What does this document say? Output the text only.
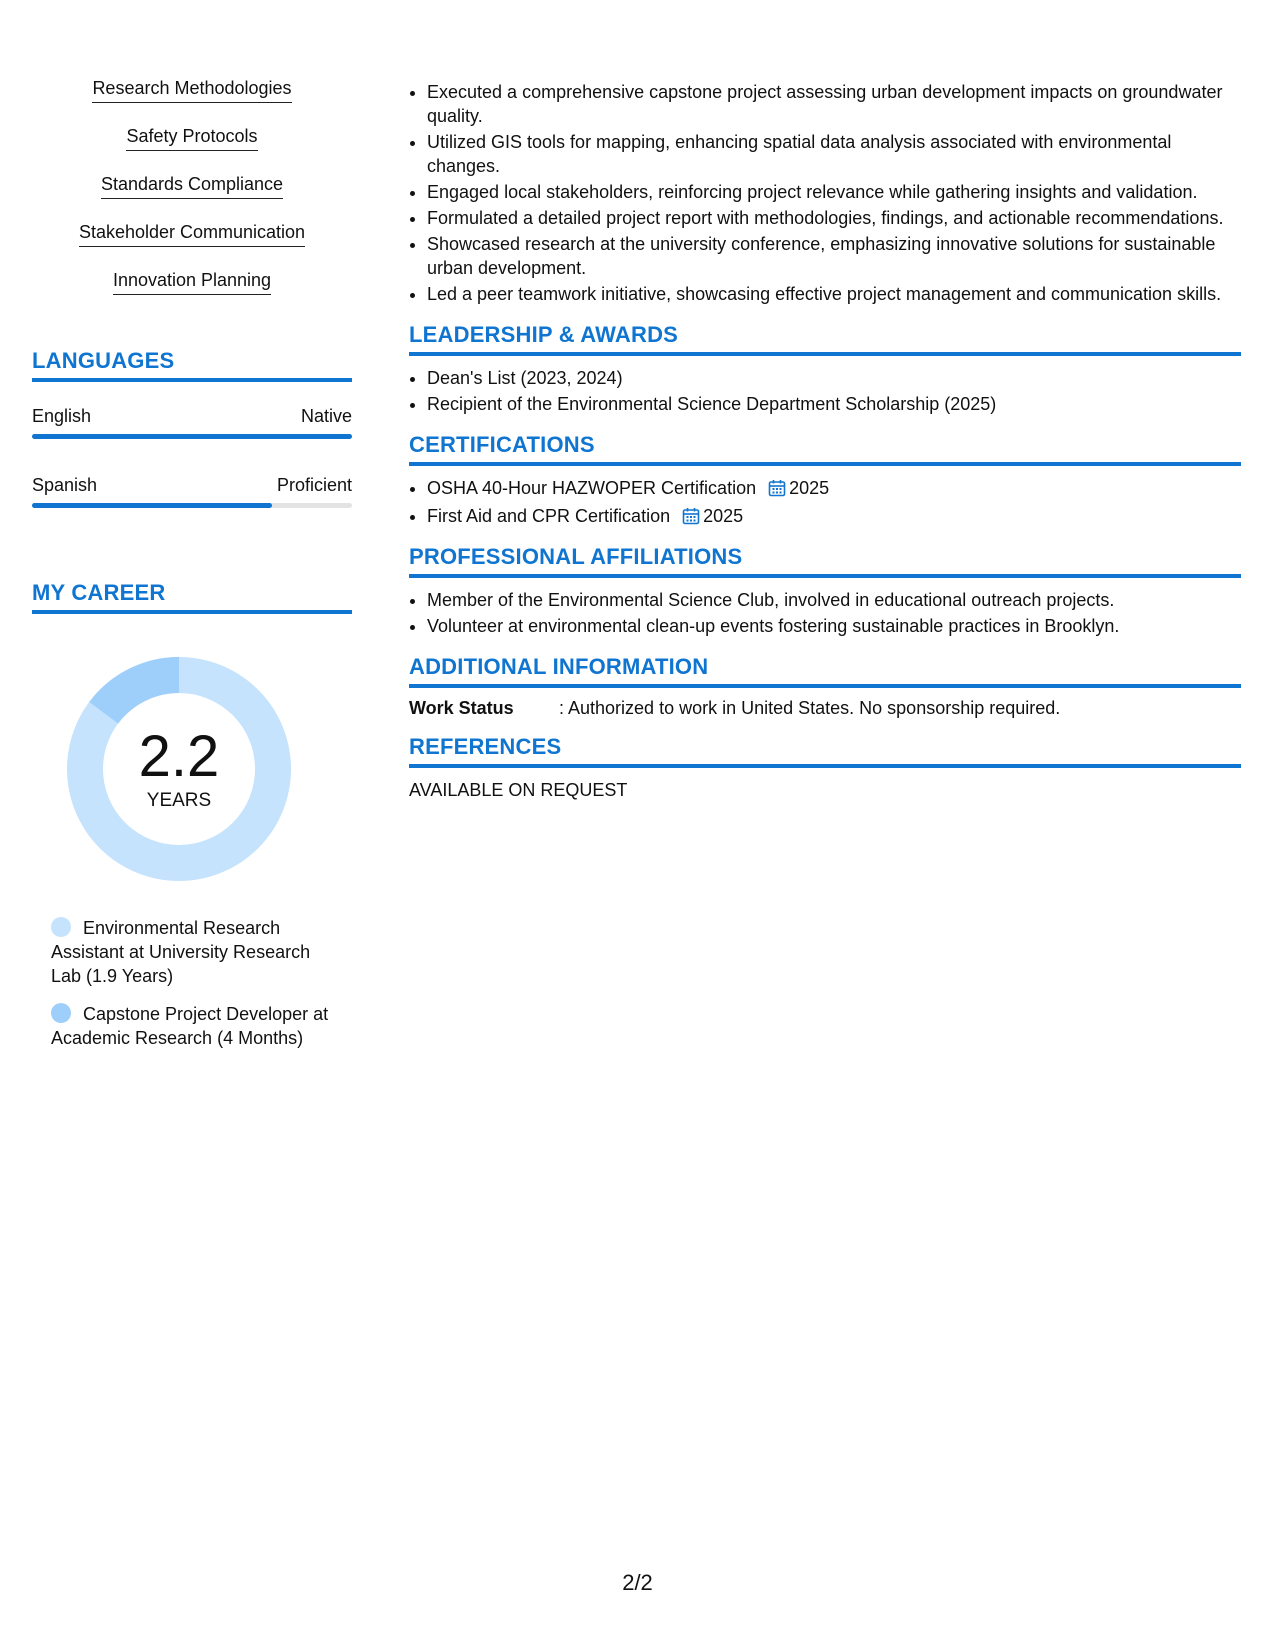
Research Methodologies
Safety Protocols
Standards Compliance
Stakeholder Communication
Innovation Planning
LANGUAGES
English	Native
Spanish	Proficient
MY CAREER
2.2
YEARS
Environmental Research Assistant at University Research Lab (1.9 Years)
Capstone Project Developer at Academic Research (4 Months)
• Executed a comprehensive capstone project assessing urban development impacts on groundwater quality.
• Utilized GIS tools for mapping, enhancing spatial data analysis associated with environmental changes.
• Engaged local stakeholders, reinforcing project relevance while gathering insights and validation.
• Formulated a detailed project report with methodologies, findings, and actionable recommendations.
• Showcased research at the university conference, emphasizing innovative solutions for sustainable urban development.
• Led a peer teamwork initiative, showcasing effective project management and communication skills.
LEADERSHIP & AWARDS
• Dean's List (2023, 2024)
• Recipient of the Environmental Science Department Scholarship (2025)
CERTIFICATIONS
• OSHA 40-Hour HAZWOPER Certification 2025
• First Aid and CPR Certification 2025
PROFESSIONAL AFFILIATIONS
• Member of the Environmental Science Club, involved in educational outreach projects.
• Volunteer at environmental clean-up events fostering sustainable practices in Brooklyn.
ADDITIONAL INFORMATION
Work Status	: Authorized to work in United States. No sponsorship required.
REFERENCES
AVAILABLE ON REQUEST
2/2
